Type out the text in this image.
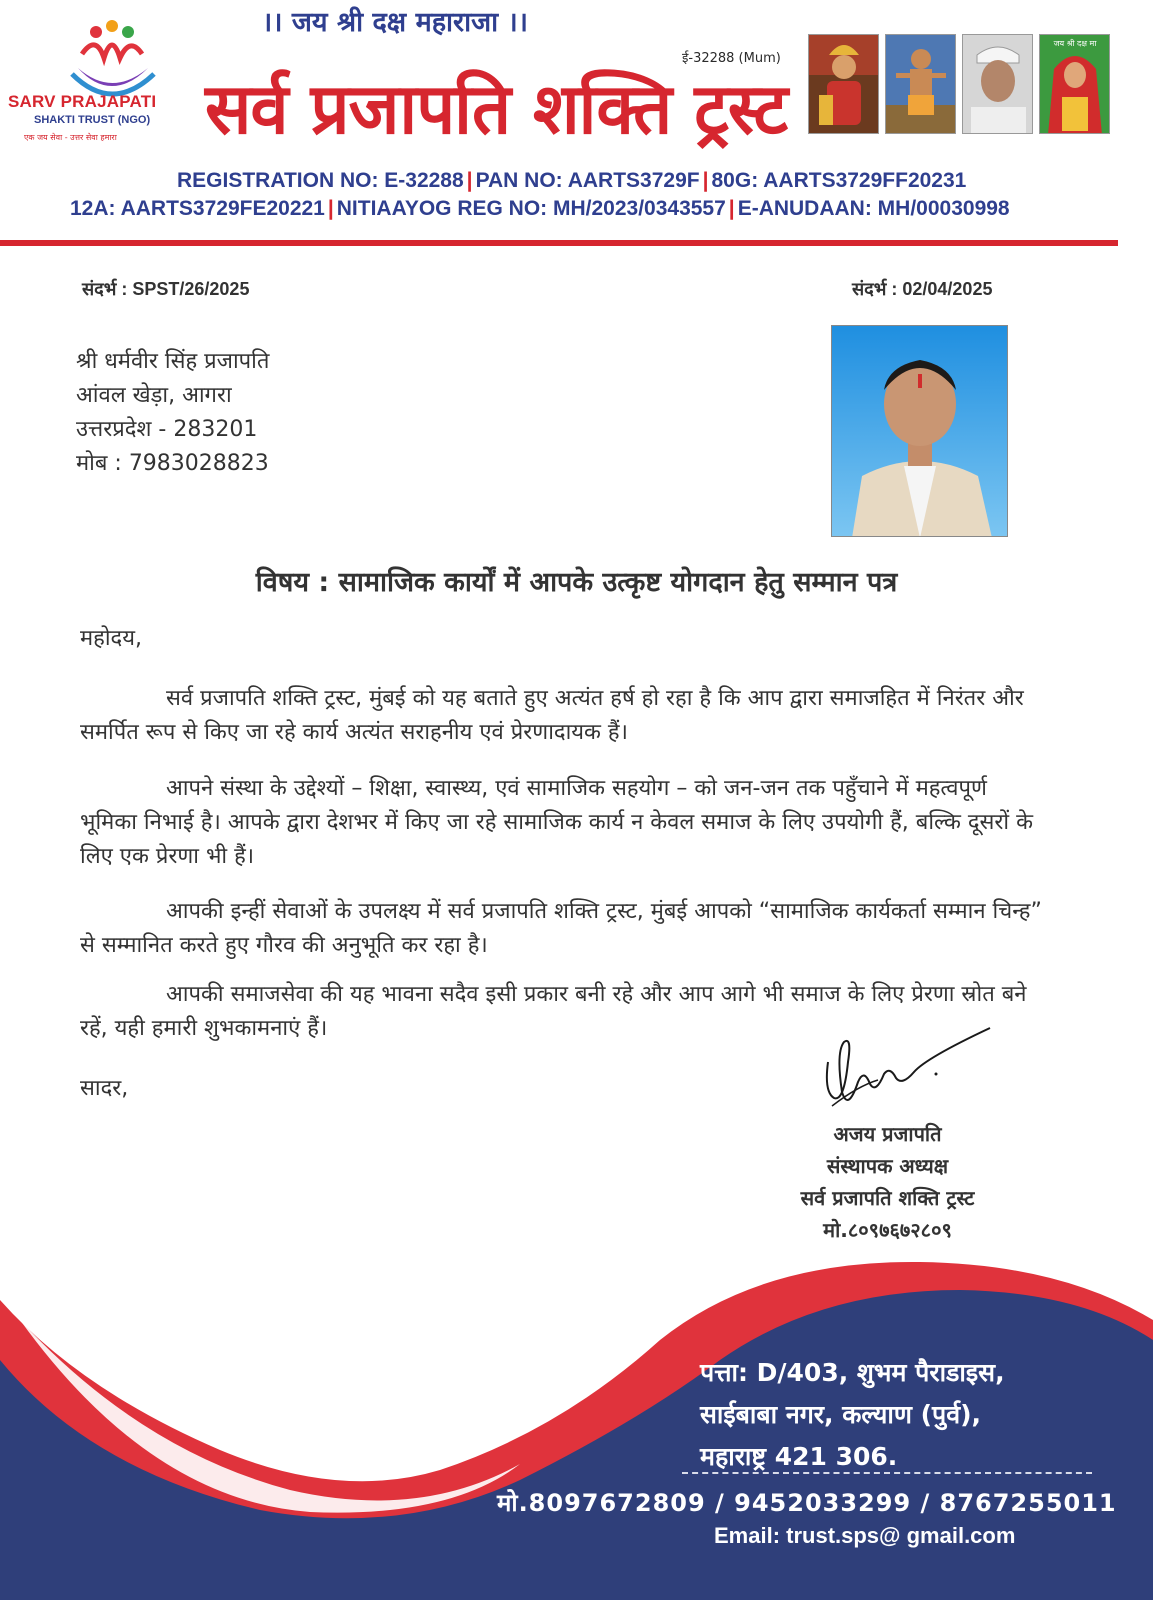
।। जय श्री दक्ष महाराजा ।।
SARV PRAJAPATI
SHAKTI TRUST (NGO)
एक जय सेवा - उत्तर सेवा हमारा
ई-32288 (Mum)
सर्व प्रजापति शक्ति ट्रस्ट
जय श्री दक्ष मा
REGISTRATION NO: E-32288 | PAN NO: AARTS3729F | 80G: AARTS3729FF20231
12A: AARTS3729FE20221 | NITIAAYOG REG NO: MH/2023/0343557 | E-ANUDAAN: MH/00030998
संदर्भ : SPST/26/2025	संदर्भ : 02/04/2025
श्री धर्मवीर सिंह प्रजापति
आंवल खेड़ा, आगरा
उत्तरप्रदेश - 283201
मोब : 7983028823
विषय : सामाजिक कार्यों में आपके उत्कृष्ट योगदान हेतु सम्मान पत्र
महोदय,

सर्व प्रजापति शक्ति ट्रस्ट, मुंबई को यह बताते हुए अत्यंत हर्ष हो रहा है कि आप द्वारा समाजहित में निरंतर और समर्पित रूप से किए जा रहे कार्य अत्यंत सराहनीय एवं प्रेरणादायक हैं।

आपने संस्था के उद्देश्यों – शिक्षा, स्वास्थ्य, एवं सामाजिक सहयोग – को जन-जन तक पहुँचाने में महत्वपूर्ण भूमिका निभाई है। आपके द्वारा देशभर में किए जा रहे सामाजिक कार्य न केवल समाज के लिए उपयोगी हैं, बल्कि दूसरों के लिए एक प्रेरणा भी हैं।

आपकी इन्हीं सेवाओं के उपलक्ष्य में सर्व प्रजापति शक्ति ट्रस्ट, मुंबई आपको “सामाजिक कार्यकर्ता सम्मान चिन्ह” से सम्मानित करते हुए गौरव की अनुभूति कर रहा है।

आपकी समाजसेवा की यह भावना सदैव इसी प्रकार बनी रहे और आप आगे भी समाज के लिए प्रेरणा स्रोत बने रहें, यही हमारी शुभकामनाएं हैं।

सादर,
अजय प्रजापति
संस्थापक अध्यक्ष
सर्व प्रजापति शक्ति ट्रस्ट
मो.८०९७६७२८०९
पत्ता: D/403, शुभम पैराडाइस,
साईबाबा नगर, कल्याण (पुर्व),
महाराष्ट्र 421 306.
मो.8097672809 / 9452033299 / 8767255011
Email: trust.sps@ gmail.com
